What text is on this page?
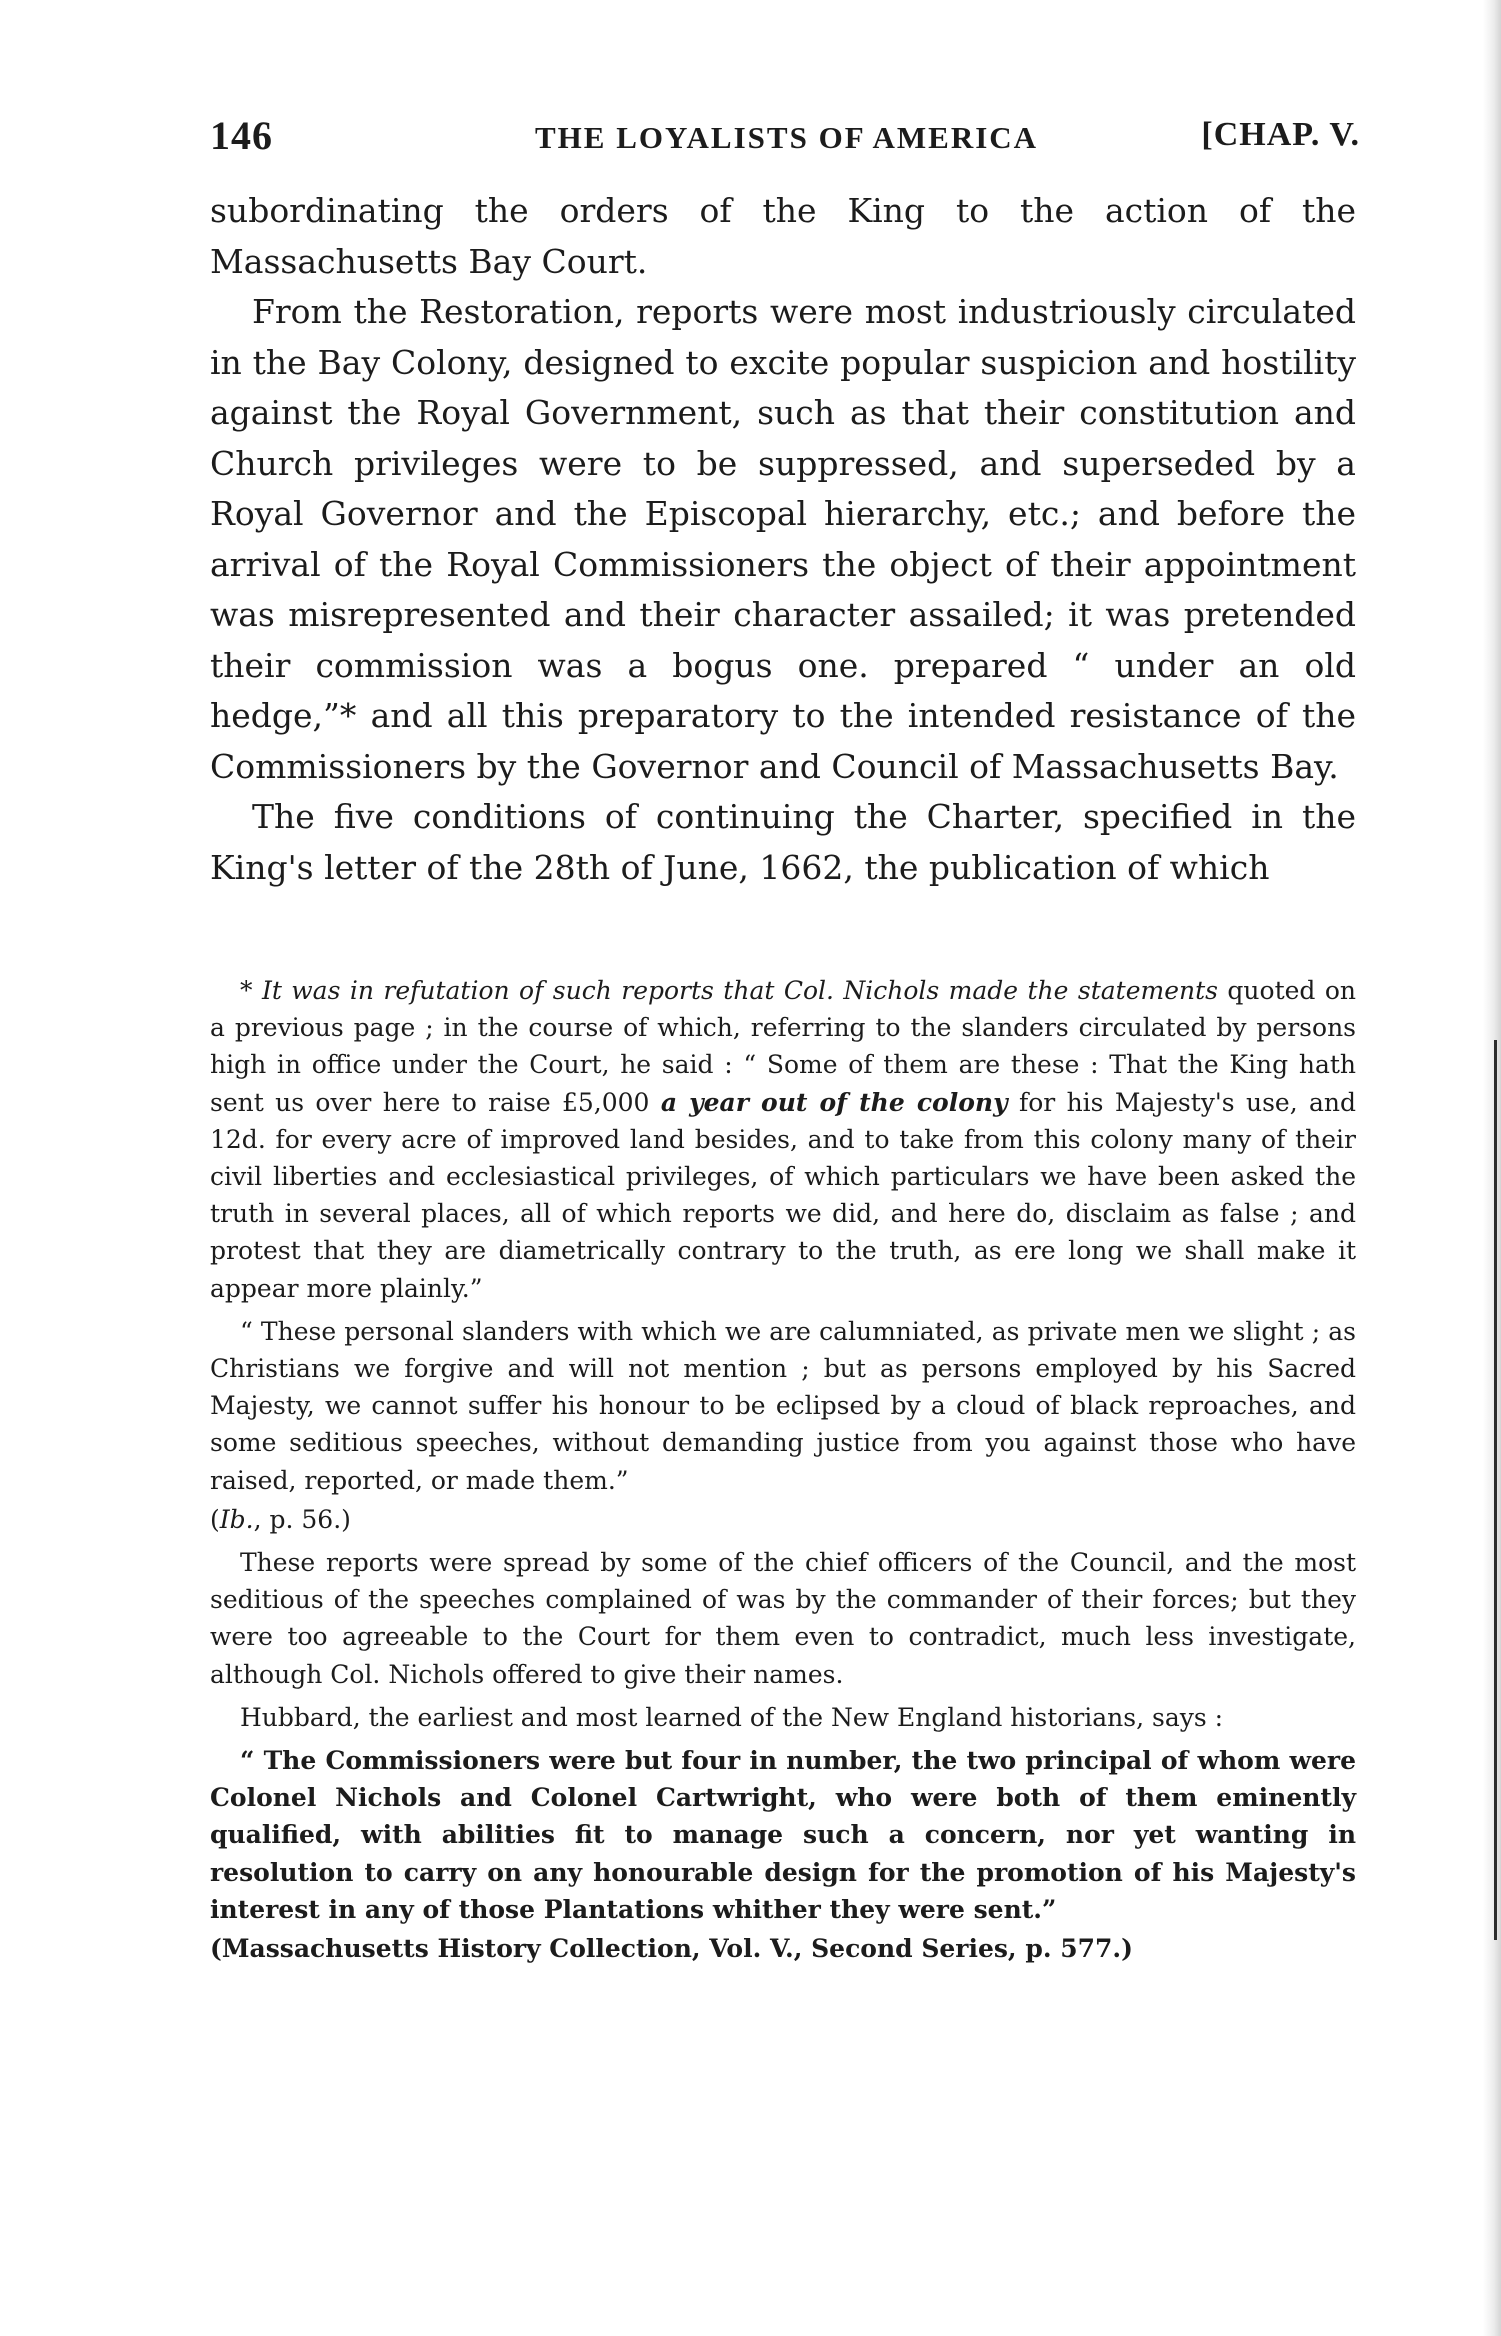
146	THE LOYALISTS OF AMERICA	[CHAP. V.

subordinating the orders of the King to the action of the Massachusetts Bay Court.

From the Restoration, reports were most industriously circulated in the Bay Colony, designed to excite popular suspicion and hostility against the Royal Government, such as that their constitution and Church privileges were to be suppressed, and superseded by a Royal Governor and the Episcopal hierarchy, etc.; and before the arrival of the Royal Commissioners the object of their appointment was misrepresented and their character assailed; it was pretended their commission was a bogus one. prepared “ under an old hedge,”* and all this preparatory to the intended resistance of the Commissioners by the Governor and Council of Massachusetts Bay.

The five conditions of continuing the Charter, specified in the King's letter of the 28th of June, 1662, the publication of which

* It was in refutation of such reports that Col. Nichols made the statements quoted on a previous page ; in the course of which, referring to the slanders circulated by persons high in office under the Court, he said : “ Some of them are these : That the King hath sent us over here to raise £5,000 a year out of the colony for his Majesty's use, and 12d. for every acre of improved land besides, and to take from this colony many of their civil liberties and ecclesiastical privileges, of which particulars we have been asked the truth in several places, all of which reports we did, and here do, disclaim as false ; and protest that they are diametrically contrary to the truth, as ere long we shall make it appear more plainly.”

“ These personal slanders with which we are calumniated, as private men we slight ; as Christians we forgive and will not mention ; but as persons employed by his Sacred Majesty, we cannot suffer his honour to be eclipsed by a cloud of black reproaches, and some seditious speeches, without demanding justice from you against those who have raised, reported, or made them.”

(Ib., p. 56.)

These reports were spread by some of the chief officers of the Council, and the most seditious of the speeches complained of was by the commander of their forces; but they were too agreeable to the Court for them even to contradict, much less investigate, although Col. Nichols offered to give their names.

Hubbard, the earliest and most learned of the New England historians, says :

“ The Commissioners were but four in number, the two principal of whom were Colonel Nichols and Colonel Cartwright, who were both of them eminently qualified, with abilities fit to manage such a concern, nor yet wanting in resolution to carry on any honourable design for the promotion of his Majesty's interest in any of those Plantations whither they were sent.”

(Massachusetts History Collection, Vol. V., Second Series, p. 577.)
